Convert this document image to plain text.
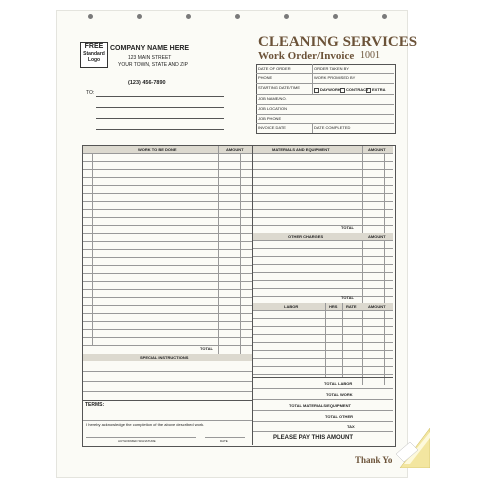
FREE
Standard
Logo
COMPANY NAME HERE
123 MAIN STREET
YOUR TOWN, STATE AND ZIP
(123) 456-7890
TO:
CLEANING SERVICES
Work Order/Invoice 1001
DATE OF ORDER	ORDER TAKEN BY
PHONE	WORK PROMISED BY
STARTING DATE/TIME	DAYWORK CONTRACT EXTRA
JOB NAME/NO.
JOB LOCATION
JOB PHONE
INVOICE DATE	DATE COMPLETED
WORK TO BE DONE	AMOUNT
TOTAL
SPECIAL INSTRUCTIONS
TERMS:
I hereby acknowledge the completion of the above described work.
AUTHORIZED SIGNATURE	DATE
MATERIALS AND EQUIPMENT	AMOUNT
TOTAL
OTHER CHARGES	AMOUNT
TOTAL
LABOR	HRS RATE	AMOUNT
TOTAL LABOR
TOTAL WORK
TOTAL MATERIALS/EQUIPMENT
TOTAL OTHER
TAX
PLEASE PAY THIS AMOUNT
Thank Yo
